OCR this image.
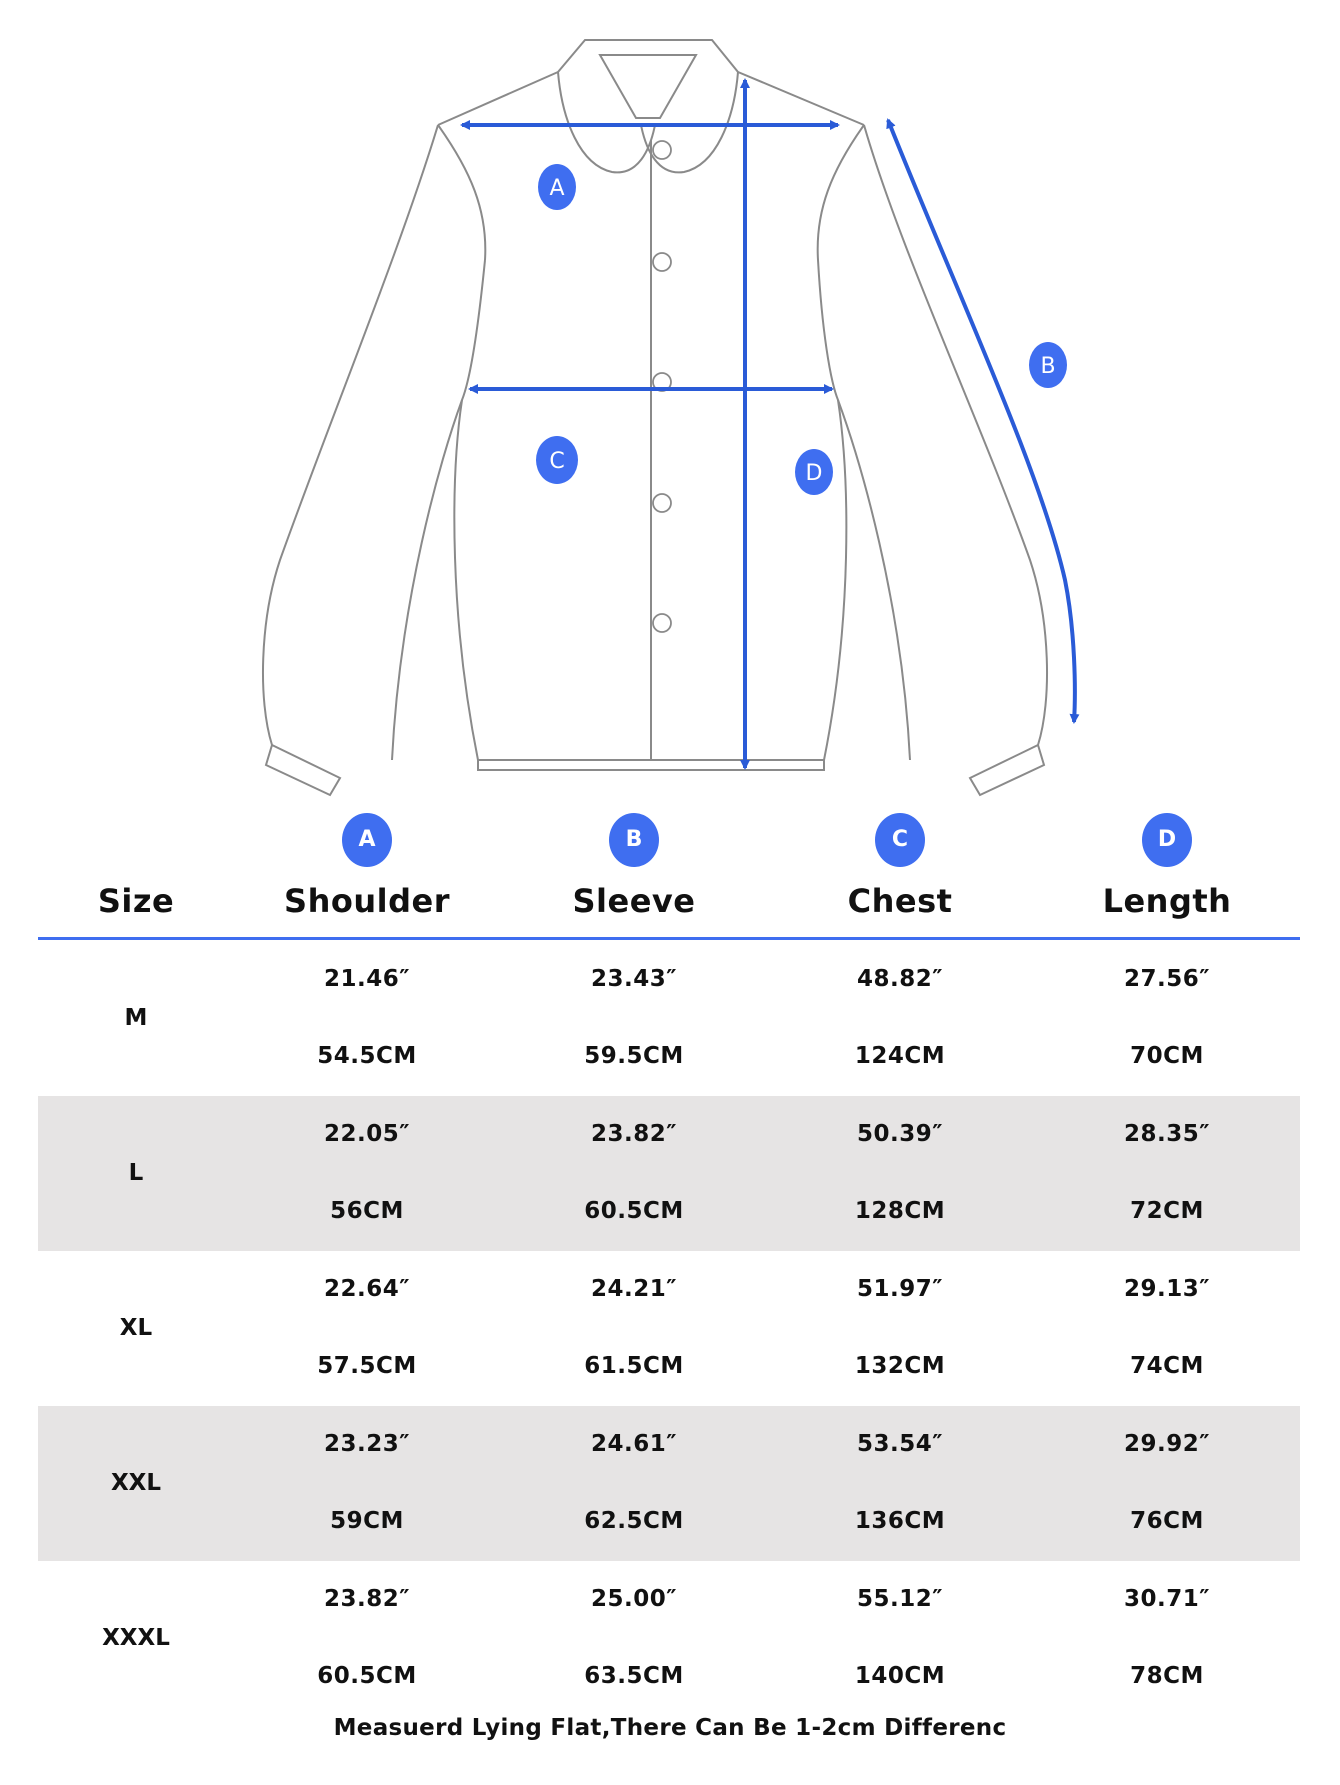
A
B
C	D
Size
A
Shoulder
B
Sleeve
C
Chest
D
Length
M
21.46″
54.5CM
23.43″
59.5CM
48.82″
124CM
27.56″
70CM
L
22.05″
56CM
23.82″
60.5CM
50.39″
128CM
28.35″
72CM
XL
22.64″
57.5CM
24.21″
61.5CM
51.97″
132CM
29.13″
74CM
XXL
23.23″
59CM
24.61″
62.5CM
53.54″
136CM
29.92″
76CM
XXXL
23.82″
60.5CM
25.00″
63.5CM
55.12″
140CM
30.71″
78CM
Measuerd Lying Flat,There Can Be 1-2cm Differenc
